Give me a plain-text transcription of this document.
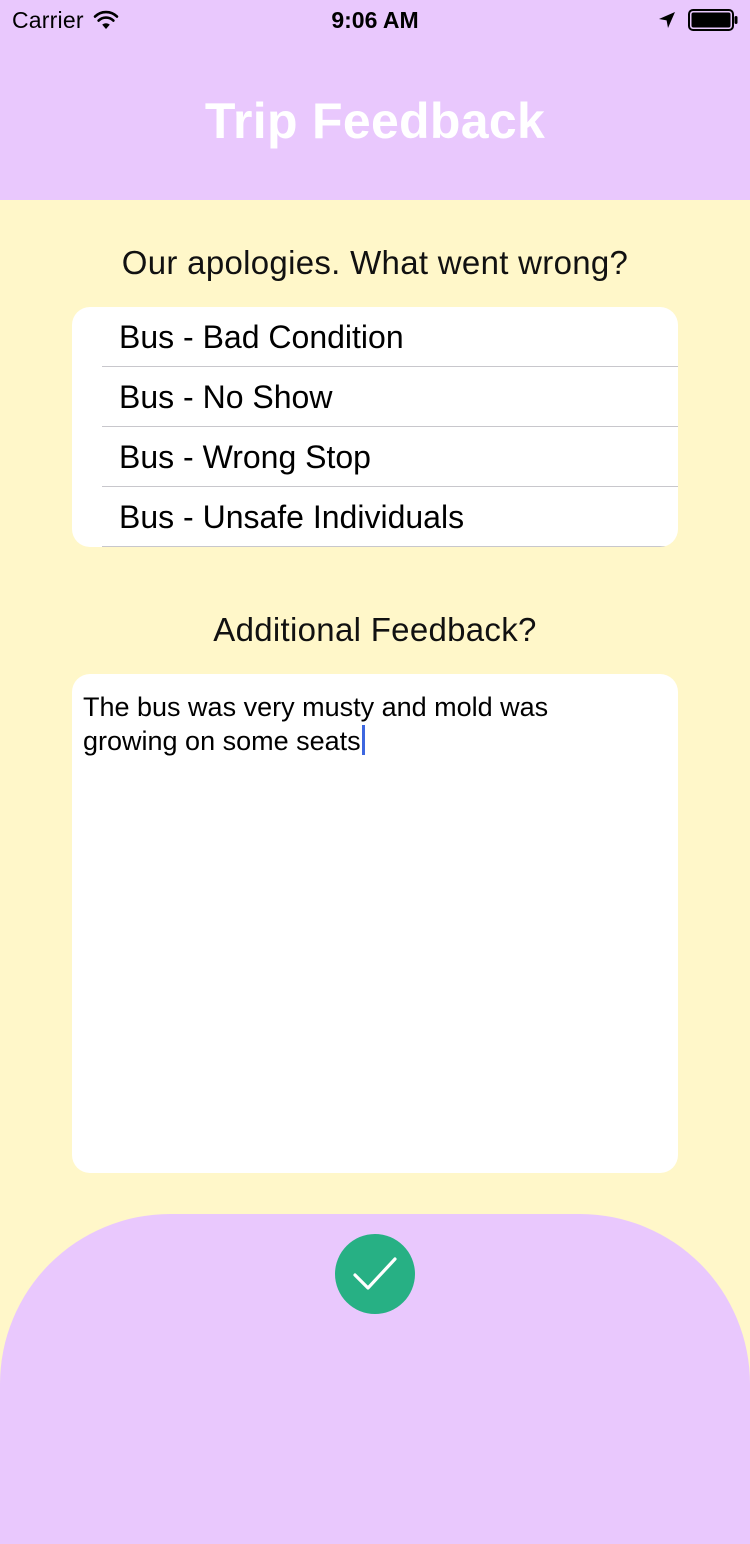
Carrier	9:06 AM
Trip Feedback
Our apologies. What went wrong?
Bus - Bad Condition
Bus - No Show
Bus - Wrong Stop
Bus - Unsafe Individuals
Additional Feedback?
The bus was very musty and mold was
growing on some seats
